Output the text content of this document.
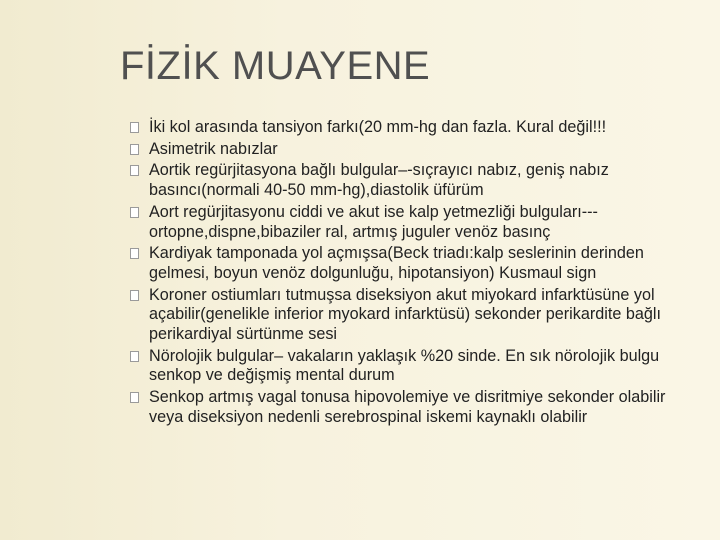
FİZİK MUAYENE
İki kol arasında tansiyon farkı(20 mm-hg dan fazla. Kural değil!!!
Asimetrik nabızlar
Aortik regürjitasyona bağlı bulgular–-sıçrayıcı nabız, geniş nabız basıncı(normali 40-50 mm-hg),diastolik üfürüm
Aort regürjitasyonu ciddi ve akut ise kalp yetmezliği bulguları---ortopne,dispne,bibaziler ral, artmış juguler venöz basınç
Kardiyak tamponada yol açmışsa(Beck triadı:kalp seslerinin derinden gelmesi, boyun venöz dolgunluğu, hipotansiyon) Kusmaul sign
Koroner ostiumları tutmuşsa diseksiyon akut miyokard infarktüsüne yol açabilir(genelikle inferior myokard infarktüsü) sekonder perikardite bağlı perikardiyal sürtünme sesi
Nörolojik bulgular– vakaların yaklaşık %20 sinde. En sık nörolojik bulgu senkop ve değişmiş mental durum
Senkop artmış vagal tonusa hipovolemiye ve disritmiye sekonder olabilir veya diseksiyon nedenli serebrospinal iskemi kaynaklı olabilir
